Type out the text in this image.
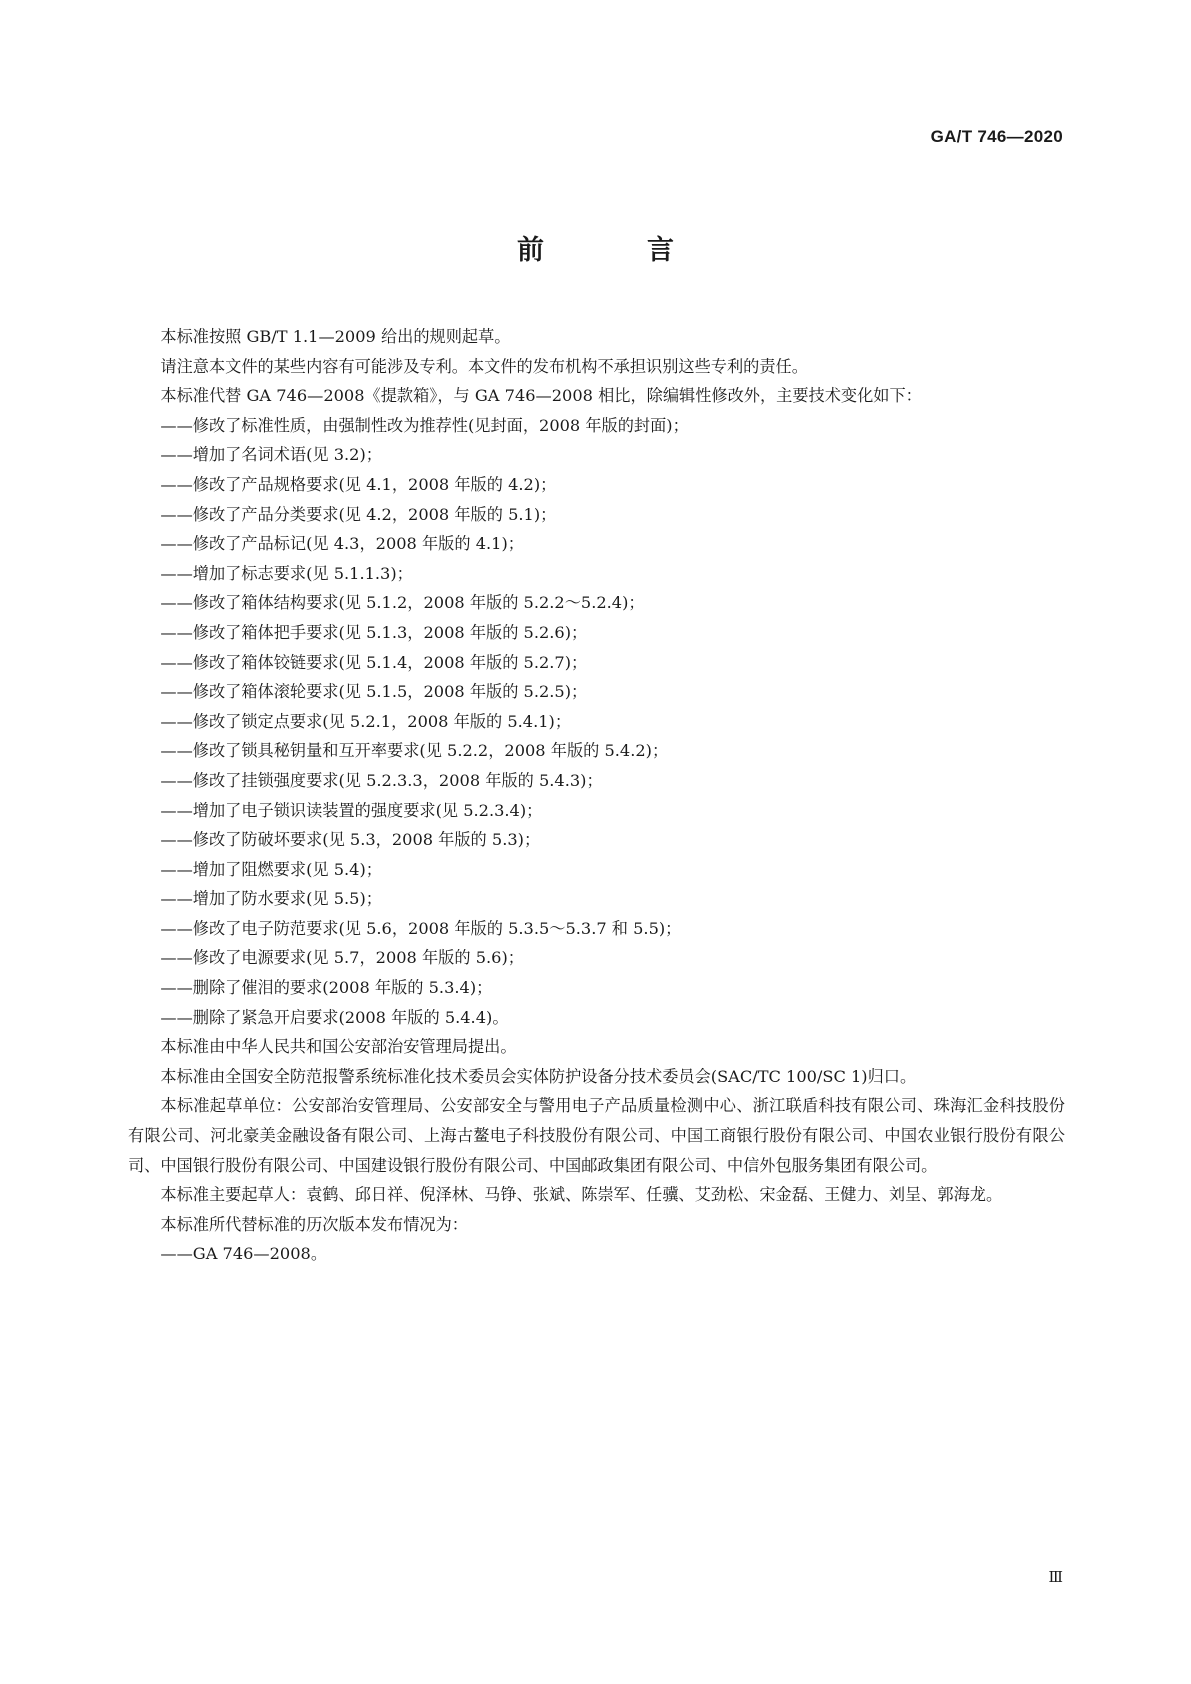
GA/T 746—2020
前　言

本标准按照 GB/T 1.1—2009 给出的规则起草。

请注意本文件的某些内容有可能涉及专利。本文件的发布机构不承担识别这些专利的责任。

本标准代替 GA 746—2008《提款箱》，与 GA 746—2008 相比，除编辑性修改外，主要技术变化如下：

——修改了标准性质，由强制性改为推荐性(见封面，2008 年版的封面)；

——增加了名词术语(见 3.2)；

——修改了产品规格要求(见 4.1，2008 年版的 4.2)；

——修改了产品分类要求(见 4.2，2008 年版的 5.1)；

——修改了产品标记(见 4.3，2008 年版的 4.1)；

——增加了标志要求(见 5.1.1.3)；

——修改了箱体结构要求(见 5.1.2，2008 年版的 5.2.2～5.2.4)；

——修改了箱体把手要求(见 5.1.3，2008 年版的 5.2.6)；

——修改了箱体铰链要求(见 5.1.4，2008 年版的 5.2.7)；

——修改了箱体滚轮要求(见 5.1.5，2008 年版的 5.2.5)；

——修改了锁定点要求(见 5.2.1，2008 年版的 5.4.1)；

——修改了锁具秘钥量和互开率要求(见 5.2.2，2008 年版的 5.4.2)；

——修改了挂锁强度要求(见 5.2.3.3，2008 年版的 5.4.3)；

——增加了电子锁识读装置的强度要求(见 5.2.3.4)；

——修改了防破坏要求(见 5.3，2008 年版的 5.3)；

——增加了阻燃要求(见 5.4)；

——增加了防水要求(见 5.5)；

——修改了电子防范要求(见 5.6，2008 年版的 5.3.5～5.3.7 和 5.5)；

——修改了电源要求(见 5.7，2008 年版的 5.6)；

——删除了催泪的要求(2008 年版的 5.3.4)；

——删除了紧急开启要求(2008 年版的 5.4.4)。

本标准由中华人民共和国公安部治安管理局提出。

本标准由全国安全防范报警系统标准化技术委员会实体防护设备分技术委员会(SAC/TC 100/SC 1)归口。

本标准起草单位：公安部治安管理局、公安部安全与警用电子产品质量检测中心、浙江联盾科技有限公司、珠海汇金科技股份有限公司、河北豪美金融设备有限公司、上海古鳌电子科技股份有限公司、中国工商银行股份有限公司、中国农业银行股份有限公司、中国银行股份有限公司、中国建设银行股份有限公司、中国邮政集团有限公司、中信外包服务集团有限公司。

本标准主要起草人：袁鹤、邱日祥、倪泽林、马铮、张斌、陈崇军、任骥、艾劲松、宋金磊、王健力、刘呈、郭海龙。

本标准所代替标准的历次版本发布情况为：

——GA 746—2008。

Ⅲ
